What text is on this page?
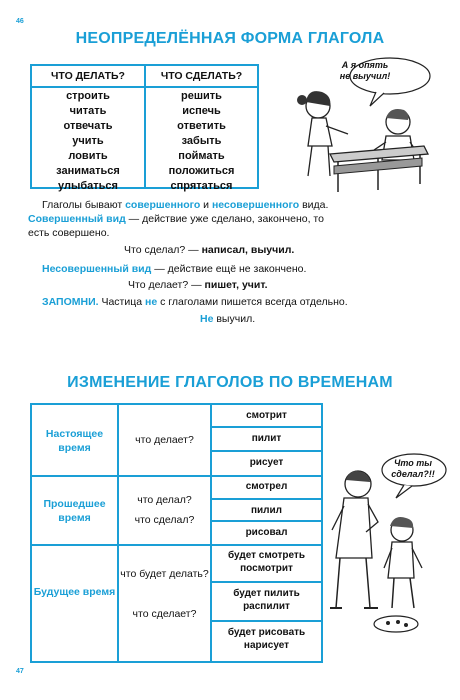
46
47
НЕОПРЕДЕЛЁННАЯ ФОРМА ГЛАГОЛА
ЧТО ДЕЛАТЬ?	ЧТО СДЕЛАТЬ?
строить
читать
отвечать
учить
ловить
заниматься
улыбаться
решить
испечь
ответить
забыть
поймать
положиться
спрятаться
А я опять не выучил!
Глаголы бывают совершенного и несовершенного вида.
Совершенный вид — действие уже сделано, закончено, то
есть совершено.
Что сделал? — написал, выучил.
Несовершенный вид — действие ещё не закончено.
Что делает? — пишет, учит.
ЗАПОМНИ. Частица не с глаголами пишется всегда отдельно.
Не выучил.
ИЗМЕНЕНИЕ ГЛАГОЛОВ ПО ВРЕМЕНАМ
Настоящее время
что делает?
смотрит
пилит
рисует
Прошедшее время
что делал?
что сделал?
смотрел
пилил
рисовал
Будущее время
что будет делать?
что сделает?
будет смотреть посмотрит
будет пилить распилит
будет рисовать нарисует
Что ты сделал?!!
